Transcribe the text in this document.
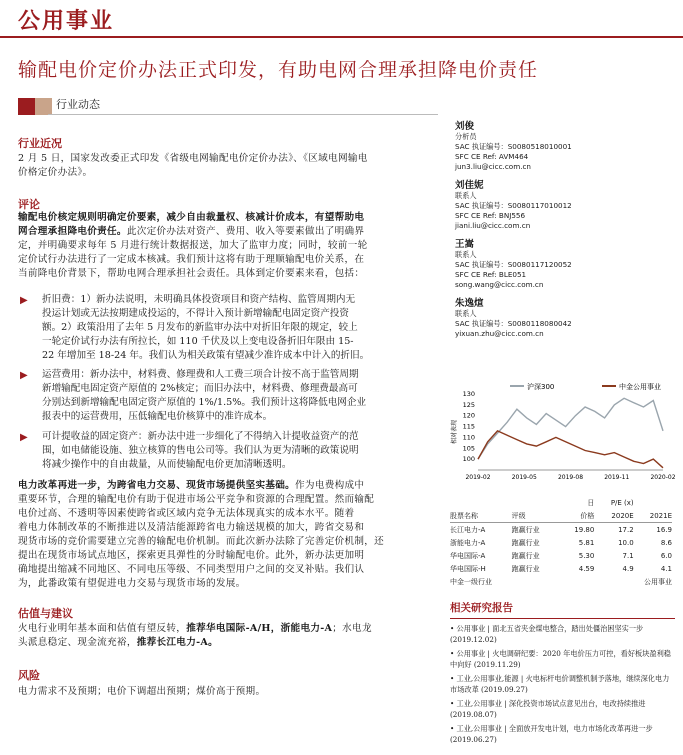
公用事业
输配电价定价办法正式印发，有助电网合理承担降电价责任
行业动态
行业近况
2 月 5 日，国家发改委正式印发《省级电网输配电价定价办法》、《区域电网输电
价格定价办法》。
评论
输配电价核定规则明确定价要素，减少自由裁量权、核减计价成本，有望帮助电
网合理承担降电价责任。此次定价办法对资产、费用、收入等要素做出了明确界
定，并明确要求每年 5 月进行统计数据报送，加大了监审力度；同时，较前一轮
定价试行办法进行了一定成本核减。我们预计这将有助于理顺输配电价关系，在
当前降电价背景下，帮助电网合理承担社会责任。具体到定价要素来看，包括：
▶ 折旧费：1）新办法说明，未明确具体投资项目和资产结构、监管周期内无
投运计划或无法按期建成投运的，不得计入预计新增输配电固定资产投资
额。2）政策沿用了去年 5 月发布的新监审办法中对折旧年限的规定，较上
一轮定价试行办法有所拉长，如 110 千伏及以上变电设备折旧年限由 15-
22 年增加至 18-24 年。我们认为相关政策有望减少准许成本中计入的折旧。
▶ 运营费用：新办法中，材料费、修理费和人工费三项合计按不高于监管周期
新增输配电固定资产原值的 2%核定；而旧办法中，材料费、修理费最高可
分别达到新增输配电固定资产原值的 1%/1.5%。我们预计这将降低电网企业
报表中的运营费用，压低输配电价核算中的准许成本。
▶ 可计提收益的固定资产：新办法中进一步细化了不得纳入计提收益资产的范
围，如电储能设施、独立核算的售电公司等。我们认为更为清晰的政策说明
将减少操作中的自由裁量，从而使输配电价更加清晰透明。
电力改革再进一步，为跨省电力交易、现货市场提供坚实基础。作为电费构成中
重要环节，合理的输配电价有助于促进市场公平竞争和资源的合理配置。然而输配
电价过高、不透明等因素使跨省或区域内竞争无法体现真实的成本水平。随着
着电力体制改革的不断推进以及清洁能源跨省电力输送规模的加大，跨省交易和
现货市场的竞价需要建立完善的输配电价机制。而此次新办法除了完善定价机制，还
提出在现货市场试点地区，探索更具弹性的分时输配电价。此外，新办法更加明
确地提出缩减不同地区、不同电压等级、不同类型用户之间的交叉补贴。我们认
为，此番政策有望促进电力交易与现货市场的发展。
估值与建议
火电行业明年基本面和估值有望反转，推荐华电国际-A/H，浙能电力-A；水电龙
头派息稳定、现金流充裕，推荐长江电力-A。
风险
电力需求不及预期；电价下调超出预期；煤价高于预期。
刘俊
分析员
SAC 执证编号：S0080518010001
SFC CE Ref: AVM464
jun3.liu@cicc.com.cn
刘佳妮
联系人
SAC 执证编号：S0080117010012
SFC CE Ref: BNJ556
jiani.liu@cicc.com.cn
王嵩
联系人
SAC 执证编号：S0080117120052
SFC CE Ref: BLE051
song.wang@cicc.com.cn
朱逸煊
联系人
SAC 执证编号：S0080118080042
yixuan.zhu@cicc.com.cn
沪深300	中金公用事业
100
105
110
115
120
125
130
相对表现
2019-02	2019-05	2019-08	2019-11	2020-02
		日	P/E (x)	
股票名称	评级	价格	2020E	2021E
长江电力-A	跑赢行业	19.80	17.2	16.9
浙能电力-A	跑赢行业	5.81	10.0	8.6
华电国际-A	跑赢行业	5.30	7.1	6.0
华电国际-H	跑赢行业	4.59	4.9	4.1
中金一级行业	公用事业
相关研究报告
• 公用事业 | 面北五省夹金煤电整合，踏出处僵治困坚实一步 (2019.12.02)
• 公用事业 | 火电调研纪要：2020 年电价压力可控，看好板块盈利稳中向好 (2019.11.29)
• 工业,公用事业,能源 | 火电标杆电价调整机制予落地，继续深化电力市场改革 (2019.09.27)
• 工业,公用事业 | 深化投资市场试点意见出台，电改持续推进 (2019.08.07)
• 工业,公用事业 | 全面放开发电计划，电力市场化改革再进一步 (2019.06.27)
